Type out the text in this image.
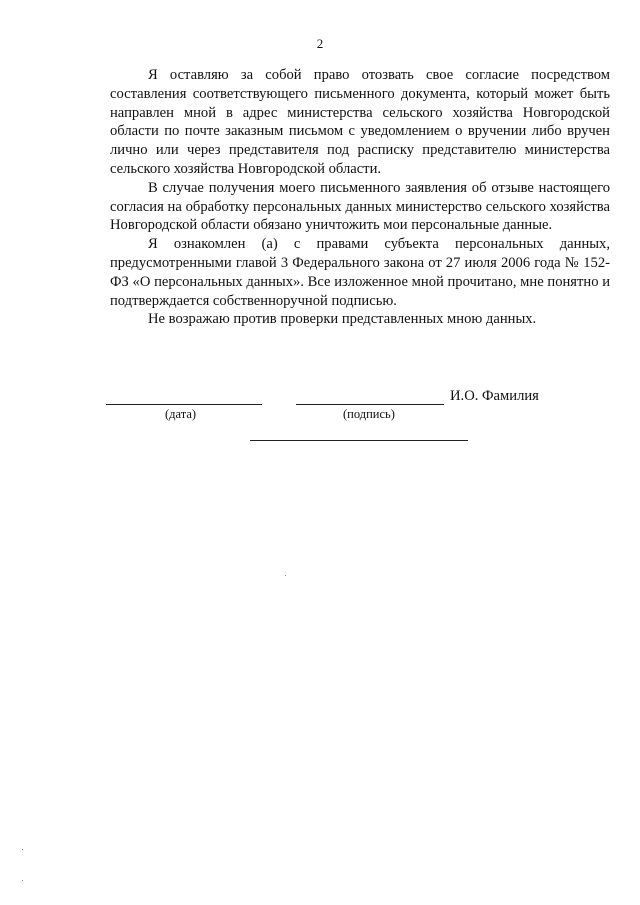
2

Я оставляю за собой право отозвать свое согласие посредством составления соответствующего письменного документа, который может быть направлен мной в адрес министерства сельского хозяйства Новгородской области по почте заказным письмом с уведомлением о вручении либо вручен лично или через представителя под расписку представителю министерства сельского хозяйства Новгородской области.

В случае получения моего письменного заявления об отзыве настоящего согласия на обработку персональных данных министерство сельского хозяйства Новгородской области обязано уничтожить мои персональные данные.

Я ознакомлен (а) с правами субъекта персональных данных, предусмотренными главой 3 Федерального закона от 27 июля 2006 года № 152-ФЗ «О персональных данных». Все изложенное мной прочитано, мне понятно и подтверждается собственноручной подписью.

Не возражаю против проверки представленных мною данных.

(дата)	(подпись)
И.О. Фамилия
